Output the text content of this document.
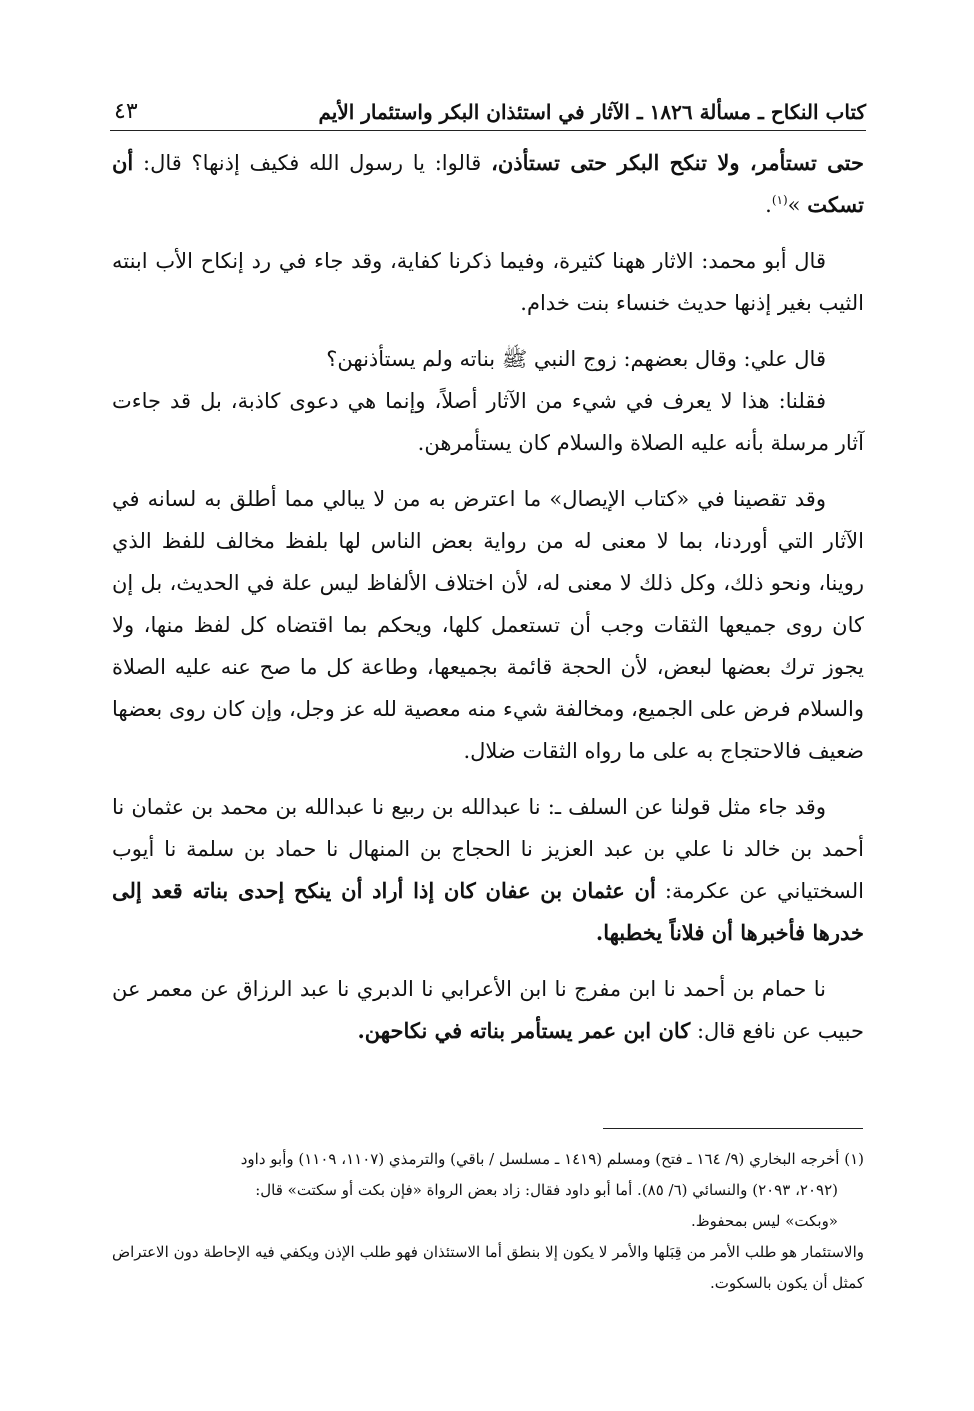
كتاب النكاح ـ مسألة ١٨٢٦ ـ الآثار في استئذان البكر واستئمار الأيم
٤٣

حتى تستأمر، ولا تنكح البكر حتى تستأذن، قالوا: يا رسول الله فكيف إذنها؟ قال: أن تسكت »$^{(١)}$.

قال أبو محمد: الاثار ههنا كثيرة، وفيما ذكرنا كفاية، وقد جاء في رد إنكاح الأب ابنته الثيب بغير إذنها حديث خنساء بنت خدام.

قال علي: وقال بعضهم: زوج النبي ﷺ بناته ولم يستأذنهن؟

فقلنا: هذا لا يعرف في شيء من الآثار أصلاً، وإنما هي دعوى كاذبة، بل قد جاءت آثار مرسلة بأنه عليه الصلاة والسلام كان يستأمرهن.

وقد تقصينا في «كتاب الإيصال» ما اعترض به من لا يبالي مما أطلق به لسانه في الآثار التي أوردنا، بما لا معنى له من رواية بعض الناس لها بلفظ مخالف للفظ الذي روينا، ونحو ذلك، وكل ذلك لا معنى له، لأن اختلاف الألفاظ ليس علة في الحديث، بل إن كان روى جميعها الثقات وجب أن تستعمل كلها، ويحكم بما اقتضاه كل لفظ منها، ولا يجوز ترك بعضها لبعض، لأن الحجة قائمة بجميعها، وطاعة كل ما صح عنه عليه الصلاة والسلام فرض على الجميع، ومخالفة شيء منه معصية لله عز وجل، وإن كان روى بعضها ضعيف فالاحتجاج به على ما رواه الثقات ضلال.

وقد جاء مثل قولنا عن السلف ـ: نا عبدالله بن ربيع نا عبدالله بن محمد بن عثمان نا أحمد بن خالد نا علي بن عبد العزيز نا الحجاج بن المنهال نا حماد بن سلمة نا أيوب السختياني عن عكرمة: أن عثمان بن عفان كان إذا أراد أن ينكح إحدى بناته قعد إلى خدرها فأخبرها أن فلاناً يخطبها.

نا حمام بن أحمد نا ابن مفرج نا ابن الأعرابي نا الدبري نا عبد الرزاق عن معمر عن حبيب عن نافع قال: كان ابن عمر يستأمر بناته في نكاحهن.

(١) أخرجه البخاري (٩/ ١٦٤ ـ فتح) ومسلم (١٤١٩ ـ مسلسل / باقي) والترمذي (١١٠٧، ١١٠٩) وأبو داود

(٢٠٩٢، ٢٠٩٣) والنسائي (٦/ ٨٥). أما أبو داود فقال: زاد بعض الرواة «فإن بكت أو سكتت» قال:

«وبكت» ليس بمحفوظ.

والاستئمار هو طلب الأمر من قِبَلها والأمر لا يكون إلا بنطق أما الاستئذان فهو طلب الإذن ويكفي فيه الإحاطة دون الاعتراض كمثل أن يكون بالسكوت.
